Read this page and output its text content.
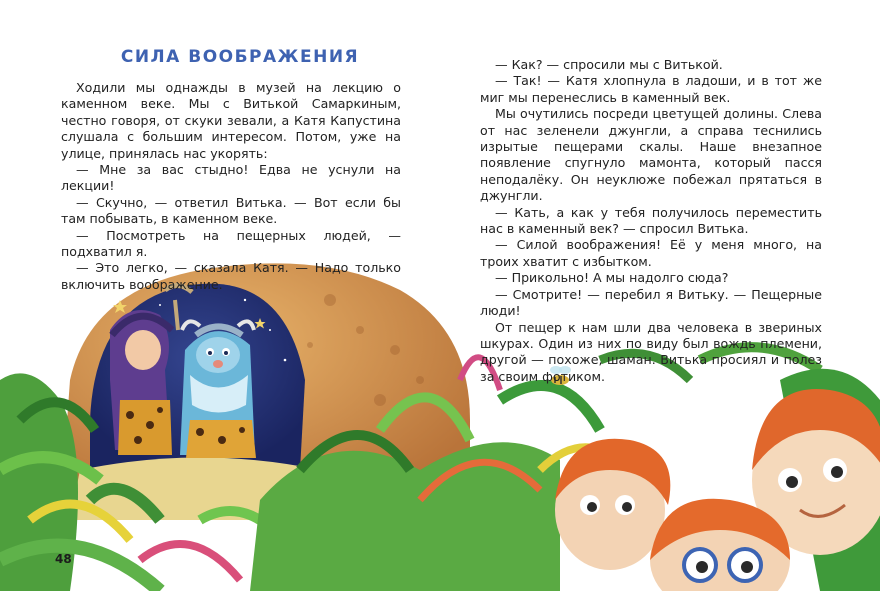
СИЛА ВООБРАЖЕНИЯ

Ходили мы однажды в музей на лекцию о каменном веке. Мы с Витькой Самаркиным, честно говоря, от скуки зевали, а Катя Капустина слушала с большим интересом. Потом, уже на улице, принялась нас укорять:

— Мне за вас стыдно! Едва не уснули на лекции!

— Скучно, — ответил Витька. — Вот если бы там побывать, в каменном веке.

— Посмотреть на пещерных людей, — подхватил я.

— Это легко, — сказала Катя. — Надо только включить воображение.

— Как? — спросили мы с Витькой.

— Так! — Катя хлопнула в ладоши, и в тот же миг мы перенеслись в каменный век.

Мы очутились посреди цветущей долины. Слева от нас зеленели джунгли, а справа теснились изрытые пещерами скалы. Наше внезапное появление спугнуло мамонта, который пасся неподалёку. Он неуклюже побежал прятаться в джунгли.

— Кать, а как у тебя получилось переместить нас в каменный век? — спросил Витька.

— Силой воображения! Её у меня много, на троих хватит с избытком.

— Прикольно! А мы надолго сюда?

— Смотрите! — перебил я Витьку. — Пещерные люди!

От пещер к нам шли два человека в звериных шкурах. Один из них по виду был вождь племени, другой — похоже, шаман. Витька просиял и полез за своим фотиком.

48
